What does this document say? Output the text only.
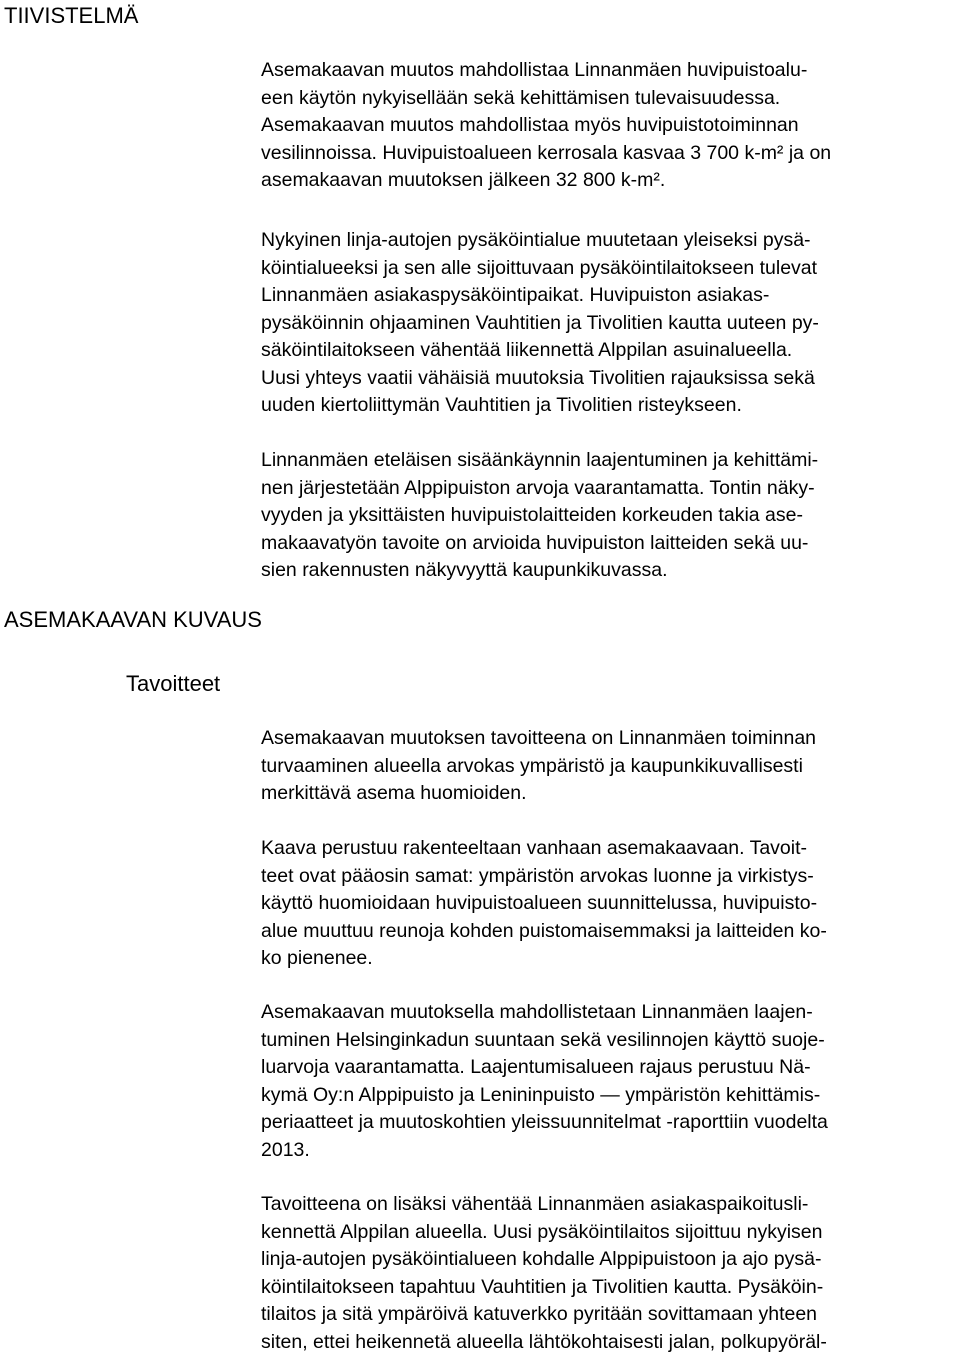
TIIVISTELMÄ
ASEMAKAAVAN KUVAUS
Tavoitteet

Asemakaavan muutos mahdollistaa Linnanmäen huvipuistoalu-
een käytön nykyisellään sekä kehittämisen tulevaisuudessa.
Asemakaavan muutos mahdollistaa myös huvipuistotoiminnan
vesilinnoissa. Huvipuistoalueen kerrosala kasvaa 3 700 k-m² ja on
asemakaavan muutoksen jälkeen 32 800 k-m².

Nykyinen linja-autojen pysäköintialue muutetaan yleiseksi pysä-
köintialueeksi ja sen alle sijoittuvaan pysäköintilaitokseen tulevat
Linnanmäen asiakaspysäköintipaikat. Huvipuiston asiakas-
pysäköinnin ohjaaminen Vauhtitien ja Tivolitien kautta uuteen py-
säköintilaitokseen vähentää liikennettä Alppilan asuinalueella.
Uusi yhteys vaatii vähäisiä muutoksia Tivolitien rajauksissa sekä
uuden kiertoliittymän Vauhtitien ja Tivolitien risteykseen.

Linnanmäen eteläisen sisäänkäynnin laajentuminen ja kehittämi-
nen järjestetään Alppipuiston arvoja vaarantamatta. Tontin näky-
vyyden ja yksittäisten huvipuistolaitteiden korkeuden takia ase-
makaavatyön tavoite on arvioida huvipuiston laitteiden sekä uu-
sien rakennusten näkyvyyttä kaupunkikuvassa.

Asemakaavan muutoksen tavoitteena on Linnanmäen toiminnan
turvaaminen alueella arvokas ympäristö ja kaupunkikuvallisesti
merkittävä asema huomioiden.

Kaava perustuu rakenteeltaan vanhaan asemakaavaan. Tavoit-
teet ovat pääosin samat: ympäristön arvokas luonne ja virkistys-
käyttö huomioidaan huvipuistoalueen suunnittelussa, huvipuisto-
alue muuttuu reunoja kohden puistomaisemmaksi ja laitteiden ko-
ko pienenee.

Asemakaavan muutoksella mahdollistetaan Linnanmäen laajen-
tuminen Helsinginkadun suuntaan sekä vesilinnojen käyttö suoje-
luarvoja vaarantamatta. Laajentumisalueen rajaus perustuu Nä-
kymä Oy:n Alppipuisto ja Lenininpuisto — ympäristön kehittämis-
periaatteet ja muutoskohtien yleissuunnitelmat -raporttiin vuodelta
2013.

Tavoitteena on lisäksi vähentää Linnanmäen asiakaspaikoitusli-
kennettä Alppilan alueella. Uusi pysäköintilaitos sijoittuu nykyisen
linja-autojen pysäköintialueen kohdalle Alppipuistoon ja ajo pysä-
köintilaitokseen tapahtuu Vauhtitien ja Tivolitien kautta. Pysäköin-
tilaitos ja sitä ympäröivä katuverkko pyritään sovittamaan yhteen
siten, ettei heikennetä alueella lähtökohtaisesti jalan, polkupyöräl-
